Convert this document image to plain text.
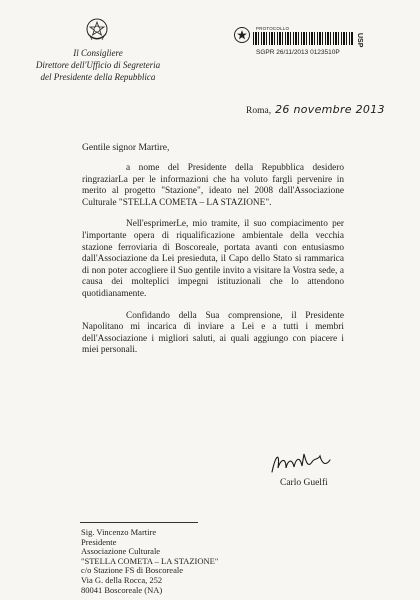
Il Consigliere
Direttore dell'Ufficio di Segreteria
del Presidente della Repubblica
PROTOCOLLO
SGPR 26/11/2013 0123510P
USP
Roma, 26 novembre 2013
Gentile signor Martire,

a nome del Presidente della Repubblica desidero ringraziarLa per le informazioni che ha voluto fargli pervenire in merito al progetto "Stazione", ideato nel 2008 dall'Associazione Culturale "STELLA COMETA – LA STAZIONE".

Nell'esprimerLe, mio tramite, il suo compiacimento per l'importante opera di riqualificazione ambientale della vecchia stazione ferroviaria di Boscoreale, portata avanti con entusiasmo dall'Associazione da Lei presieduta, il Capo dello Stato si rammarica di non poter accogliere il Suo gentile invito a visitare la Vostra sede, a causa dei molteplici impegni istituzionali che lo attendono quotidianamente.

Confidando della Sua comprensione, il Presidente Napolitano mi incarica di inviare a Lei e a tutti i membri dell'Associazione i migliori saluti, ai quali aggiungo con piacere i miei personali.

Carlo Guelfi
Sig. Vincenzo Martire
Presidente
Associazione Culturale
"STELLA COMETA – LA STAZIONE"
c/o Stazione FS di Boscoreale
Via G. della Rocca, 252
80041 Boscoreale (NA)
